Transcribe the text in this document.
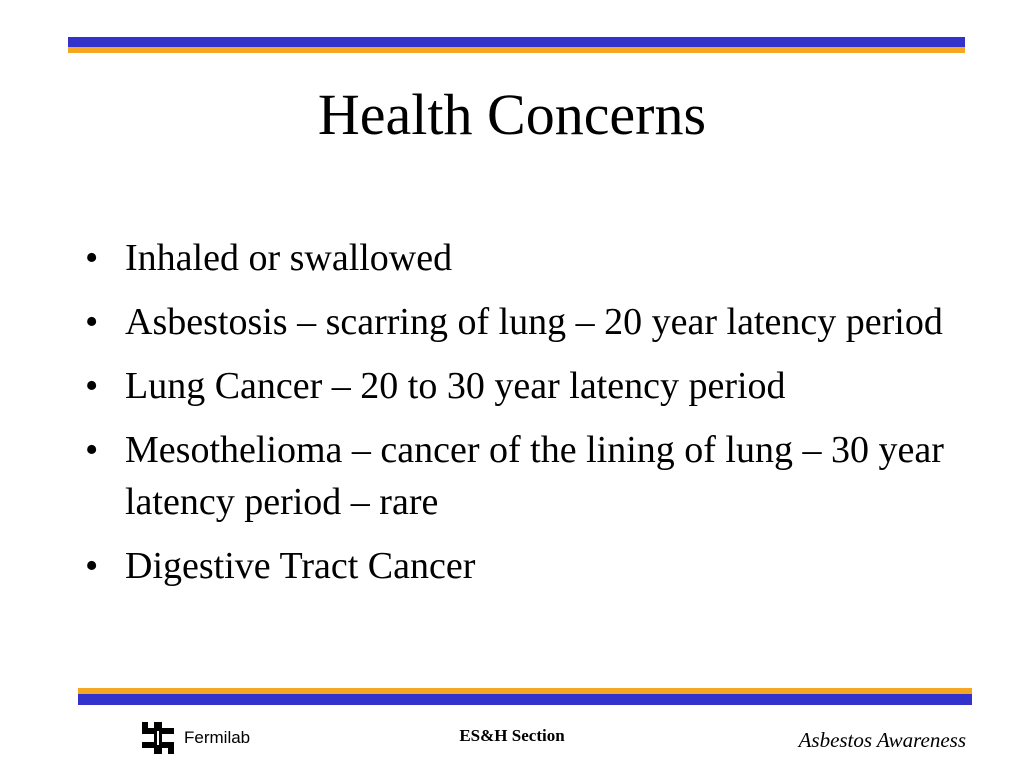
Health Concerns
• Inhaled or swallowed
• Asbestosis – scarring of lung – 20 year latency period
• Lung Cancer – 20 to 30 year latency period
• Mesothelioma – cancer of the lining of lung – 30 year latency period – rare
• Digestive Tract Cancer
Fermilab	ES&H Section	Asbestos Awareness
